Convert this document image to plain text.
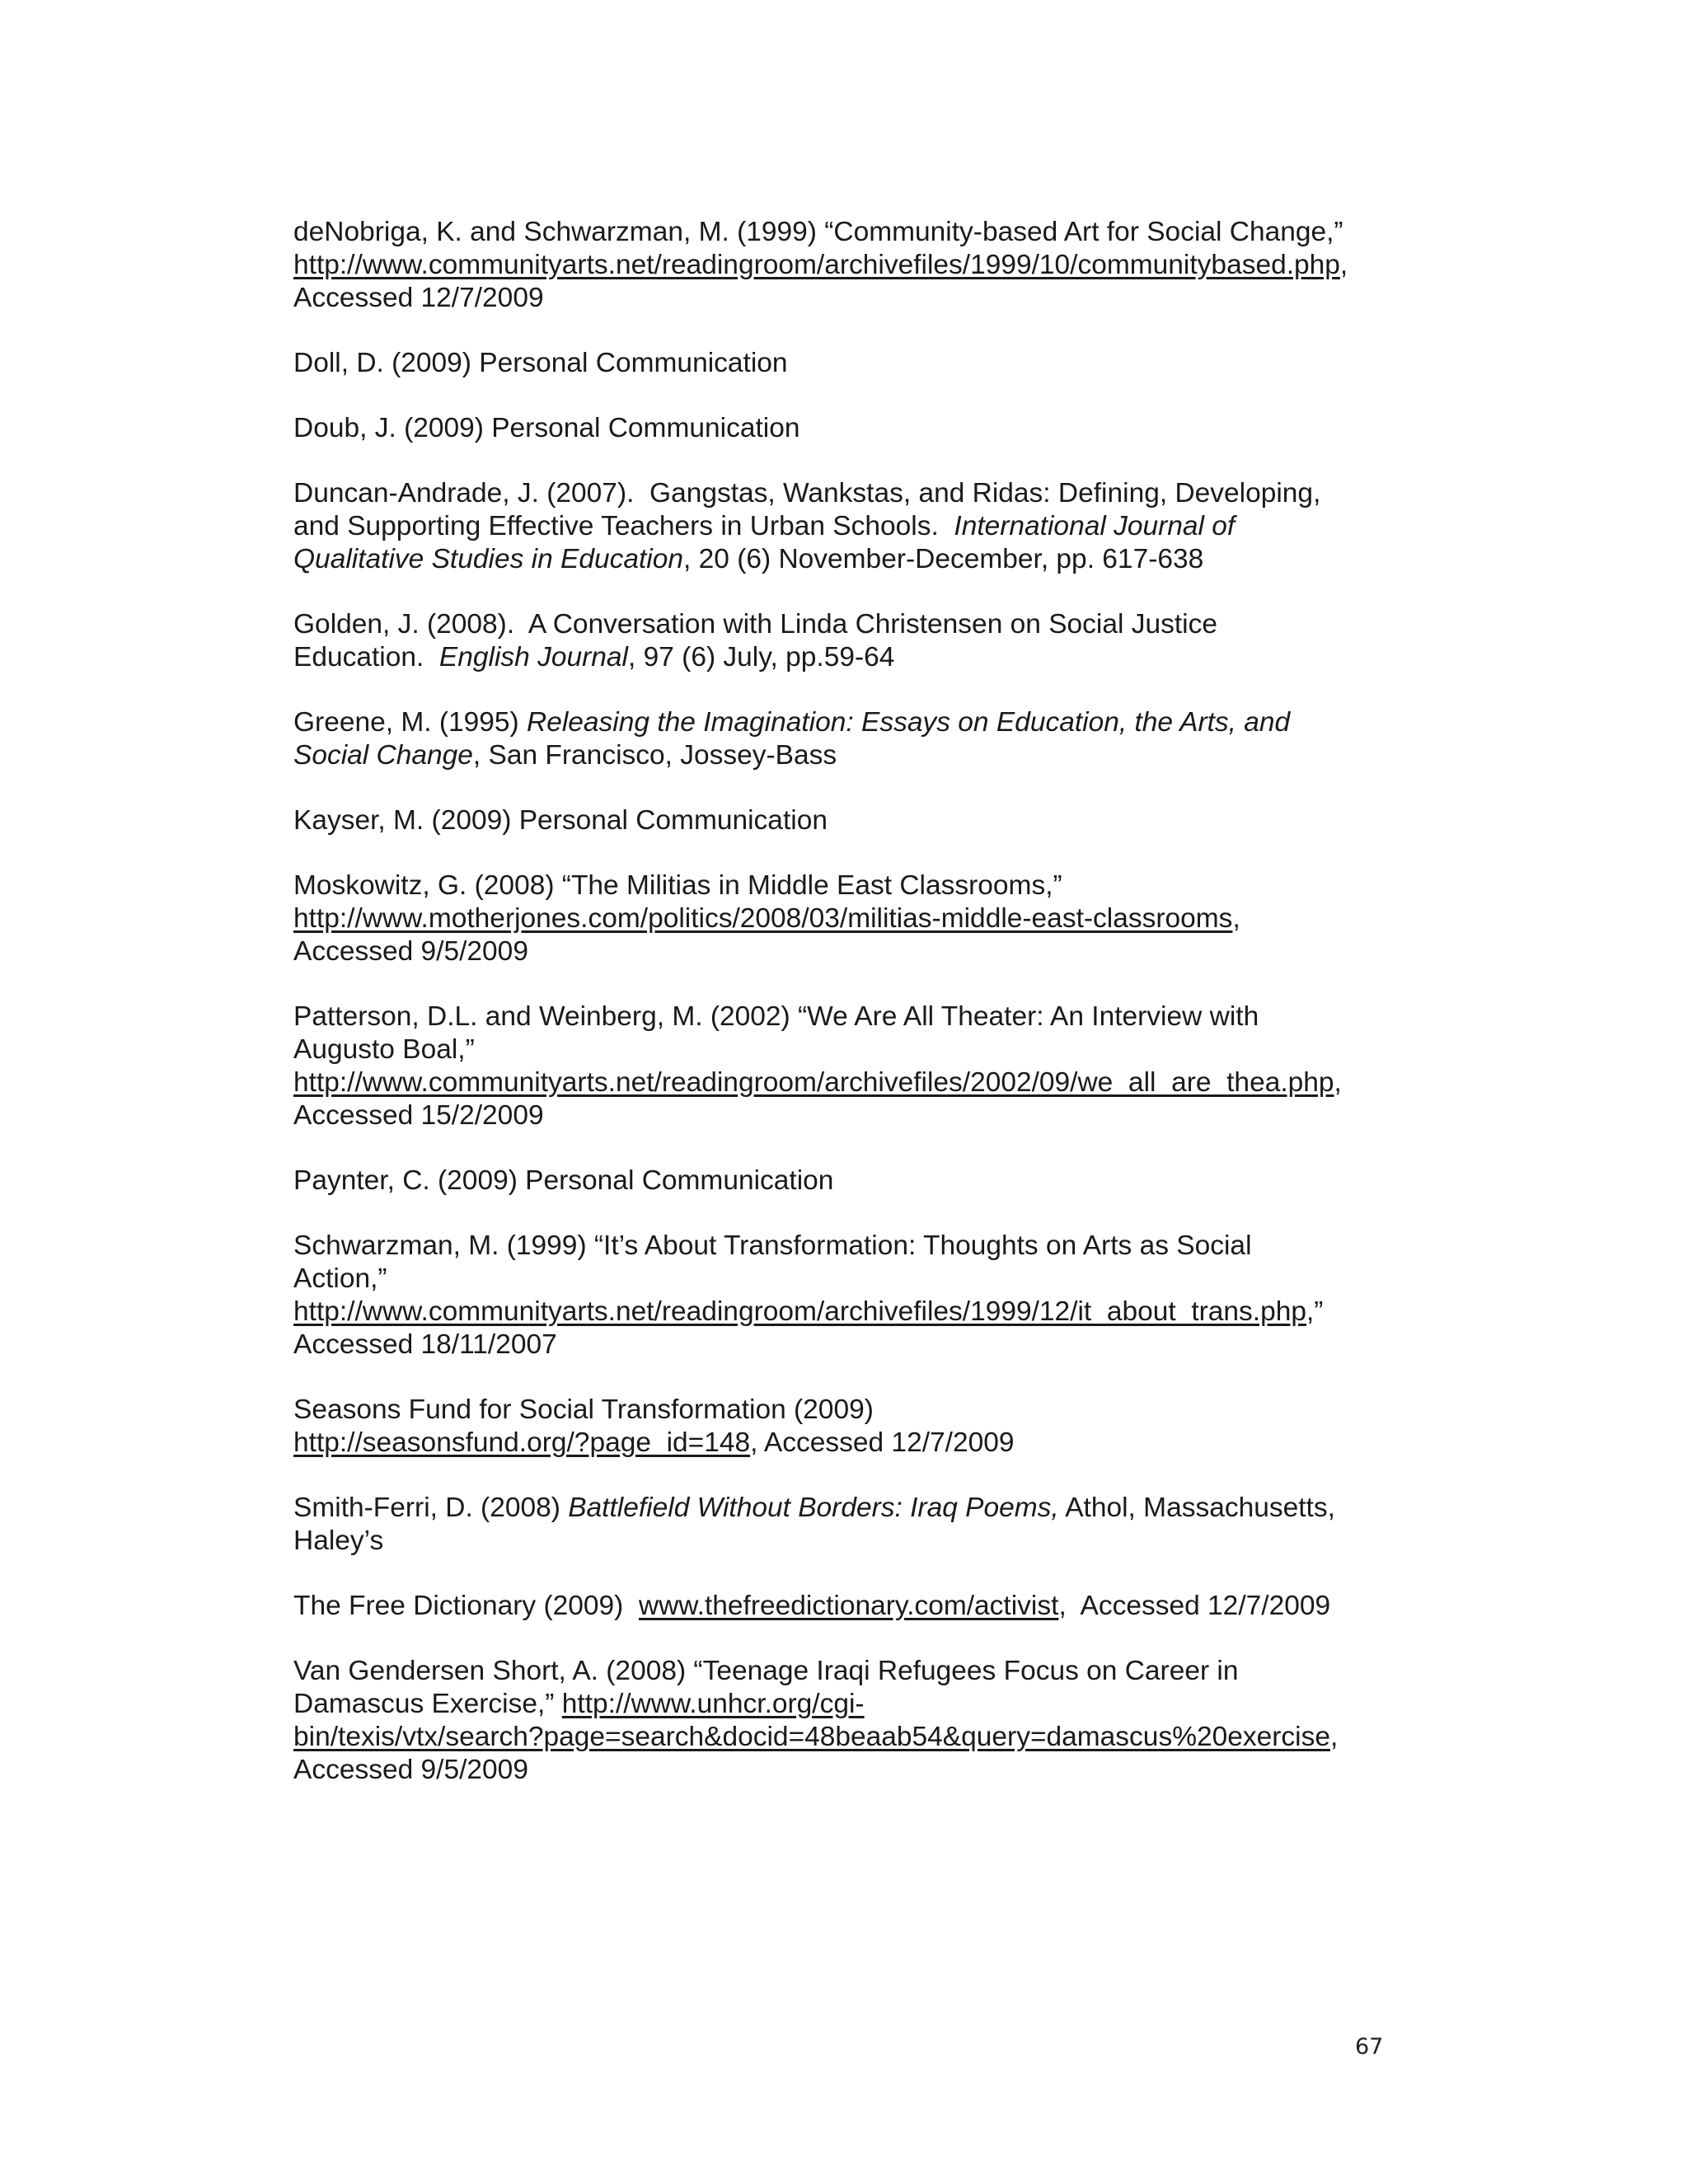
deNobriga, K. and Schwarzman, M. (1999) “Community-based Art for Social Change,”
http://www.communityarts.net/readingroom/archivefiles/1999/10/communitybased.php,
Accessed 12/7/2009
Doll, D. (2009) Personal Communication
Doub, J. (2009) Personal Communication
Duncan-Andrade, J. (2007).  Gangstas, Wankstas, and Ridas: Defining, Developing,
and Supporting Effective Teachers in Urban Schools.  International Journal of
Qualitative Studies in Education, 20 (6) November-December, pp. 617-638
Golden, J. (2008).  A Conversation with Linda Christensen on Social Justice
Education.  English Journal, 97 (6) July, pp.59-64
Greene, M. (1995) Releasing the Imagination: Essays on Education, the Arts, and
Social Change, San Francisco, Jossey-Bass
Kayser, M. (2009) Personal Communication
Moskowitz, G. (2008) “The Militias in Middle East Classrooms,”
http://www.motherjones.com/politics/2008/03/militias-middle-east-classrooms,
Accessed 9/5/2009
Patterson, D.L. and Weinberg, M. (2002) “We Are All Theater: An Interview with
Augusto Boal,”
http://www.communityarts.net/readingroom/archivefiles/2002/09/we_all_are_thea.php,
Accessed 15/2/2009
Paynter, C. (2009) Personal Communication
Schwarzman, M. (1999) “It’s About Transformation: Thoughts on Arts as Social
Action,”
http://www.communityarts.net/readingroom/archivefiles/1999/12/it_about_trans.php,”
Accessed 18/11/2007
Seasons Fund for Social Transformation (2009)
http://seasonsfund.org/?page_id=148, Accessed 12/7/2009
Smith-Ferri, D. (2008) Battlefield Without Borders: Iraq Poems, Athol, Massachusetts,
Haley’s
The Free Dictionary (2009)  www.thefreedictionary.com/activist,  Accessed 12/7/2009
Van Gendersen Short, A. (2008) “Teenage Iraqi Refugees Focus on Career in
Damascus Exercise,” http://www.unhcr.org/cgi-
bin/texis/vtx/search?page=search&docid=48beaab54&query=damascus%20exercise,
Accessed 9/5/2009
67
